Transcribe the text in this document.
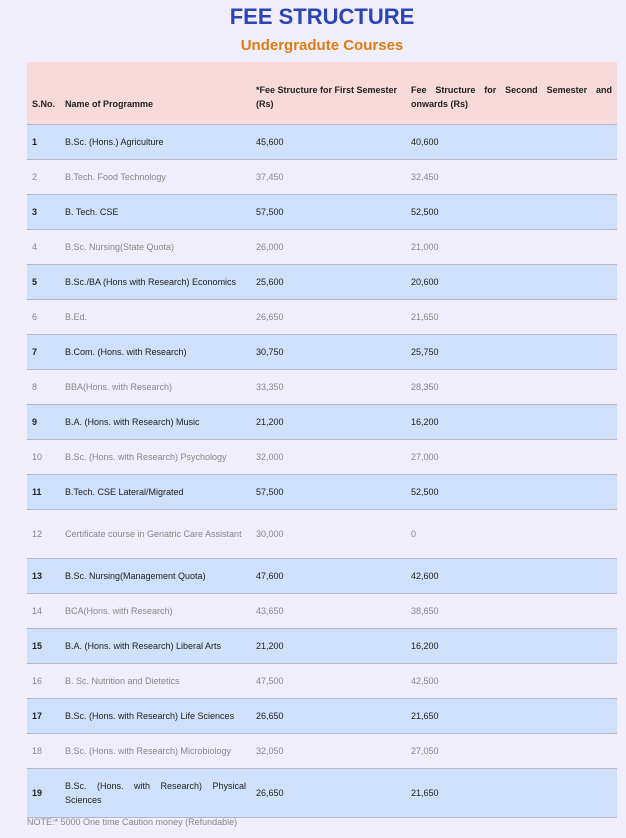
FEE STRUCTURE
Undergradute Courses
S.No.	Name of Programme	*Fee Structure for First Semester (Rs)	Fee Structure for Second Semester and onwards (Rs)
1	B.Sc. (Hons.) Agriculture	45,600	40,600
2	B.Tech. Food Technology	37,450	32,450
3	B. Tech. CSE	57,500	52,500
4	B.Sc. Nursing(State Quota)	26,000	21,000
5	B.Sc./BA (Hons with Research) Economics	25,600	20,600
6	B.Ed.	26,650	21,650
7	B.Com. (Hons. with Research)	30,750	25,750
8	BBA(Hons. with Research)	33,350	28,350
9	B.A. (Hons. with Research) Music	21,200	16,200
10	B.Sc. (Hons. with Research) Psychology	32,000	27,000
11	B.Tech. CSE Lateral/Migrated	57,500	52,500
12	Certificate course in Geriatric Care Assistant	30,000	0
13	B.Sc. Nursing(Management Quota)	47,600	42,600
14	BCA(Hons. with Research)	43,650	38,650
15	B.A. (Hons. with Research) Liberal Arts	21,200	16,200
16	B. Sc. Nutrition and Dietetics	47,500	42,500
17	B.Sc. (Hons. with Research) Life Sciences	26,650	21,650
18	B.Sc. (Hons. with Research) Microbiology	32,050	27,050
19	B.Sc. (Hons. with Research) Physical Sciences	26,650	21,650
NOTE:* 5000 One time Caution money (Refundable)
